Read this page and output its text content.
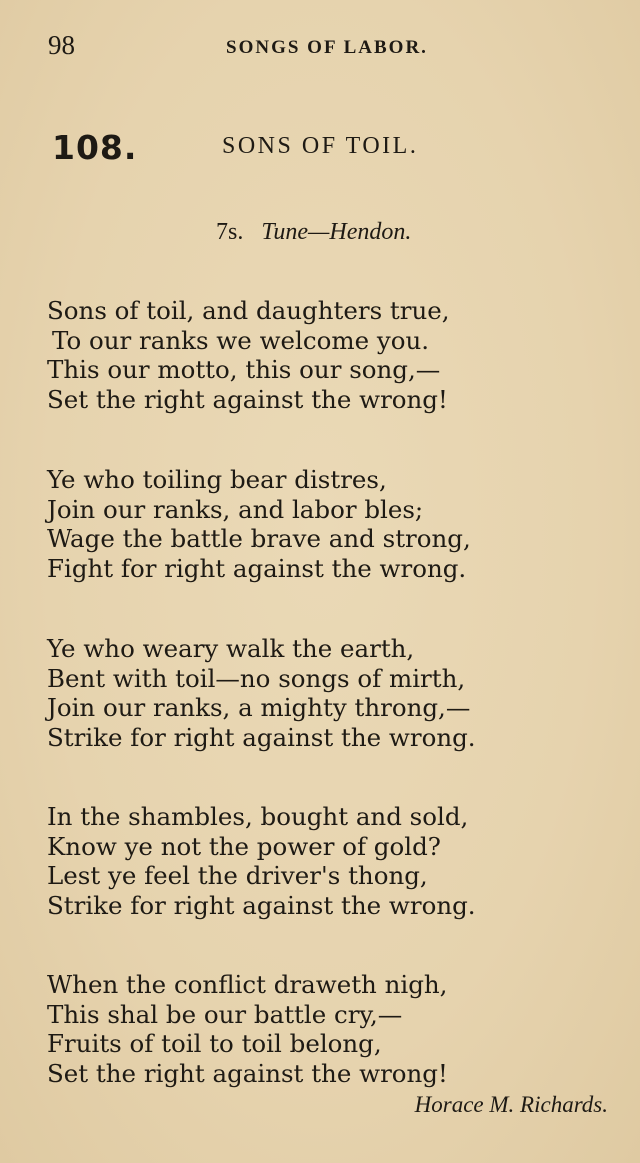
98	SONGS OF LABOR.
108.	SONS OF TOIL.
7s. Tune—Hendon.

Sons of toil, and daughters true,
To our ranks we welcome you.
This our motto, this our song,—
Set the right against the wrong!

Ye who toiling bear distres,
Join our ranks, and labor bles;
Wage the battle brave and strong,
Fight for right against the wrong.

Ye who weary walk the earth,
Bent with toil—no songs of mirth,
Join our ranks, a mighty throng,—
Strike for right against the wrong.

In the shambles, bought and sold,
Know ye not the power of gold?
Lest ye feel the driver's thong,
Strike for right against the wrong.

When the conflict draweth nigh,
This shal be our battle cry,—
Fruits of toil to toil belong,
Set the right against the wrong!

Horace M. Richards.
